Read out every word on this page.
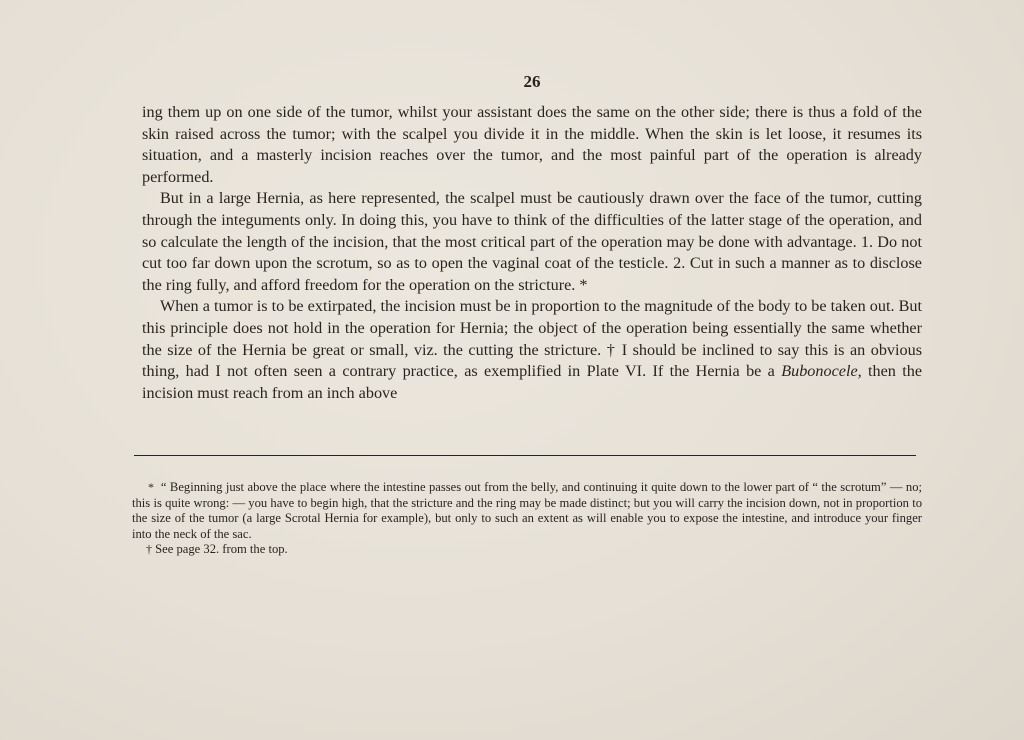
26

ing them up on one side of the tumor, whilst your assistant does the same on the other side; there is thus a fold of the skin raised across the tumor; with the scalpel you divide it in the middle. When the skin is let loose, it resumes its situation, and a masterly incision reaches over the tumor, and the most painful part of the operation is already performed.

But in a large Hernia, as here represented, the scalpel must be cautiously drawn over the face of the tumor, cutting through the integuments only. In doing this, you have to think of the difficulties of the latter stage of the operation, and so calculate the length of the incision, that the most critical part of the operation may be done with advantage. 1. Do not cut too far down upon the scrotum, so as to open the vaginal coat of the testicle. 2. Cut in such a manner as to disclose the ring fully, and afford freedom for the operation on the stricture. *

When a tumor is to be extirpated, the incision must be in proportion to the magnitude of the body to be taken out. But this principle does not hold in the operation for Hernia; the object of the operation being essentially the same whether the size of the Hernia be great or small, viz. the cutting the stricture. † I should be inclined to say this is an obvious thing, had I not often seen a contrary practice, as exemplified in Plate VI. If the Hernia be a Bubonocele, then the incision must reach from an inch above

* “ Beginning just above the place where the intestine passes out from the belly, and continuing it quite down to the lower part of “ the scrotum” — no; this is quite wrong: — you have to begin high, that the stricture and the ring may be made distinct; but you will carry the incision down, not in proportion to the size of the tumor (a large Scrotal Hernia for example), but only to such an extent as will enable you to expose the intestine, and introduce your finger into the neck of the sac.

† See page 32. from the top.
